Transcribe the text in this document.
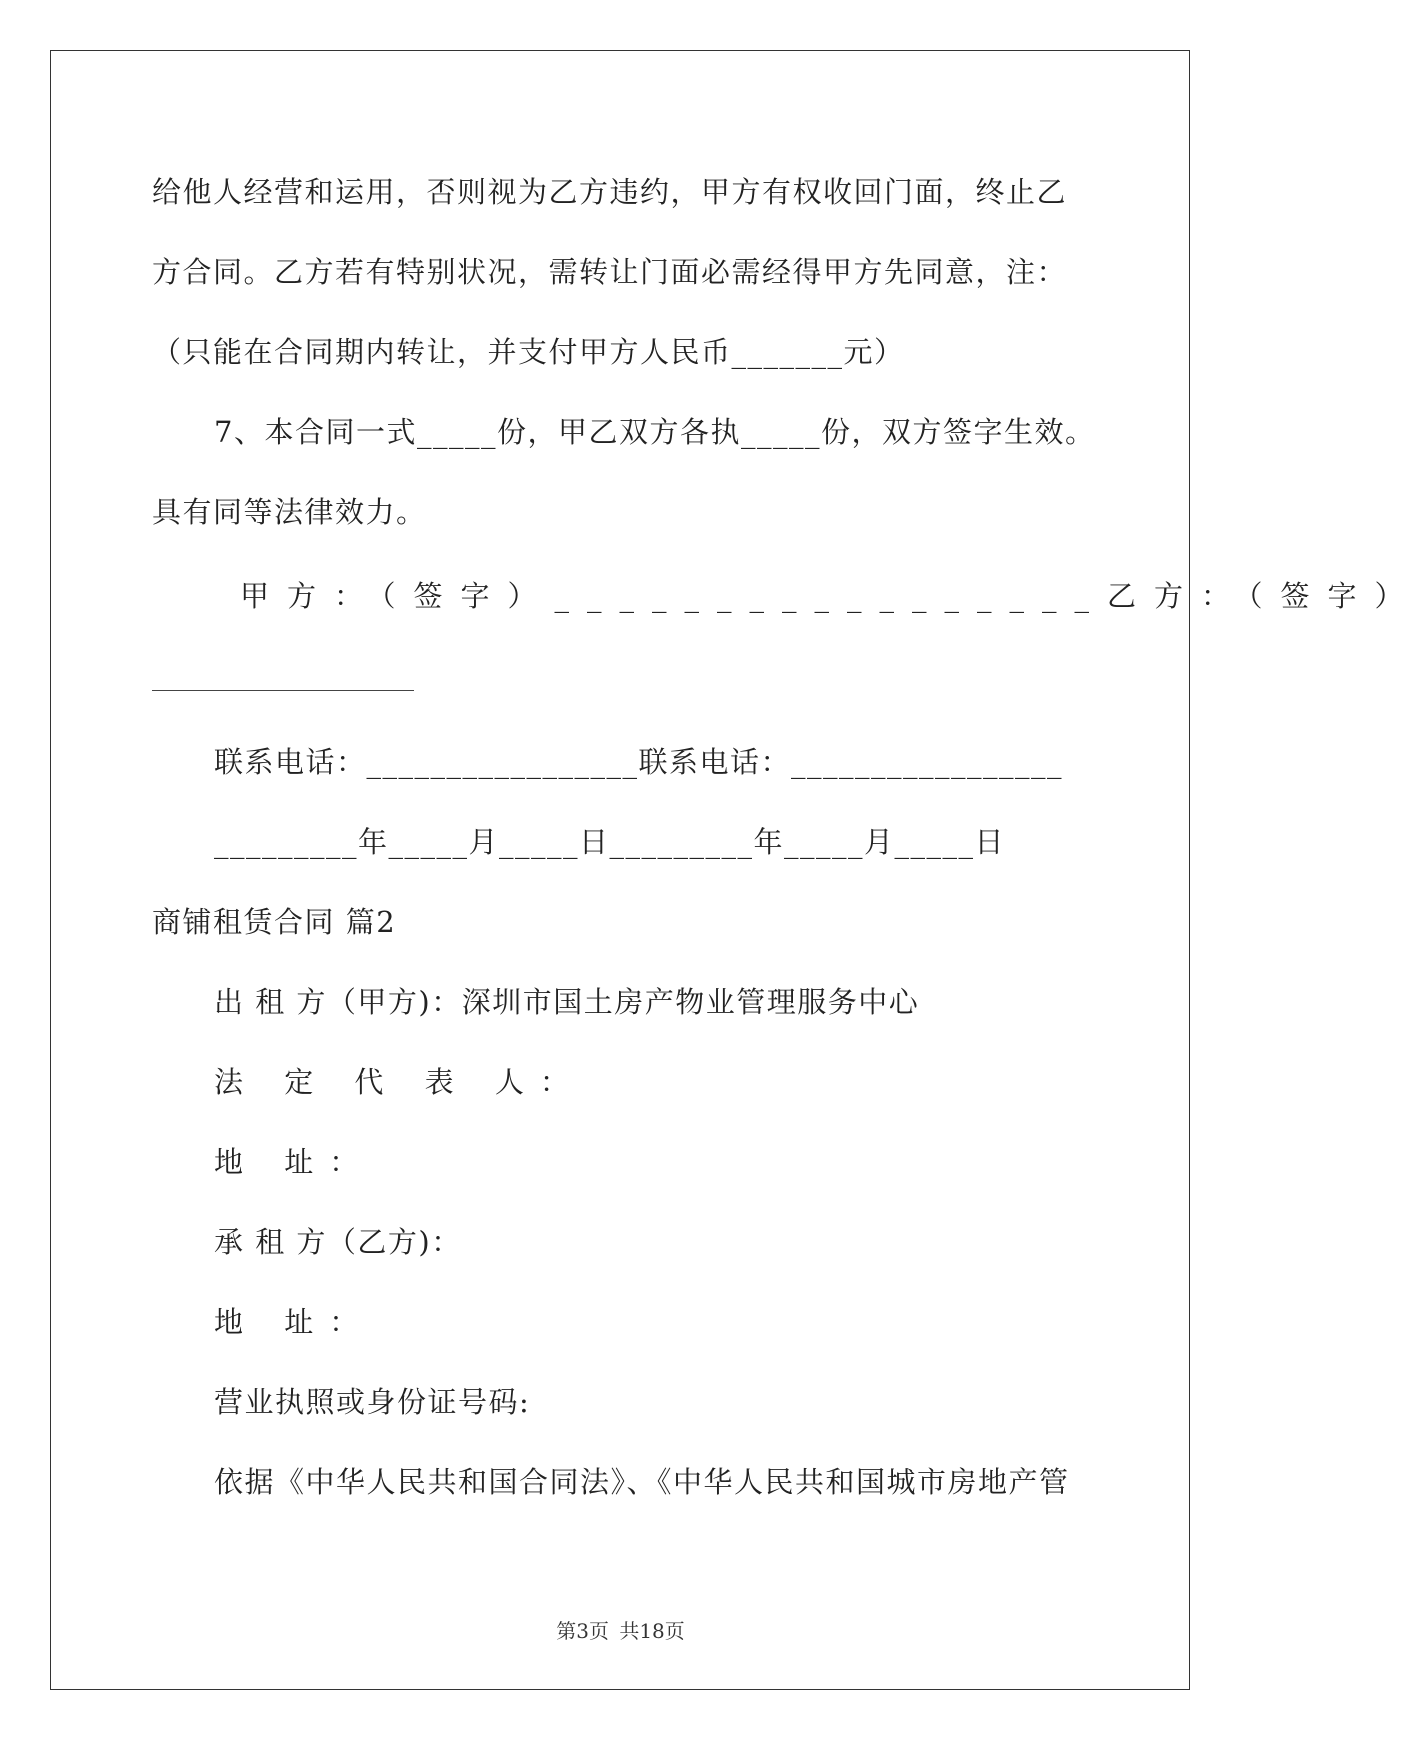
给他人经营和运用，否则视为乙方违约，甲方有权收回门面，终止乙
方合同。乙方若有特别状况，需转让门面必需经得甲方先同意，注：
（只能在合同期内转让，并支付甲方人民币_______元）
7、本合同一式_____份，甲乙双方各执_____份，双方签字生效。
具有同等法律效力。
甲方：（签字）_________________乙方：（签字）
联系电话：_________________联系电话：_________________
_________年_____月_____日_________年_____月_____日
商铺租赁合同 篇2
出 租 方（甲方)：深圳市国土房产物业管理服务中心
法 定 代 表 人：
地 址：
承 租 方（乙方)：
地 址：
营业执照或身份证号码:
依据《中华人民共和国合同法》、《中华人民共和国城市房地产管
第3页 共18页
